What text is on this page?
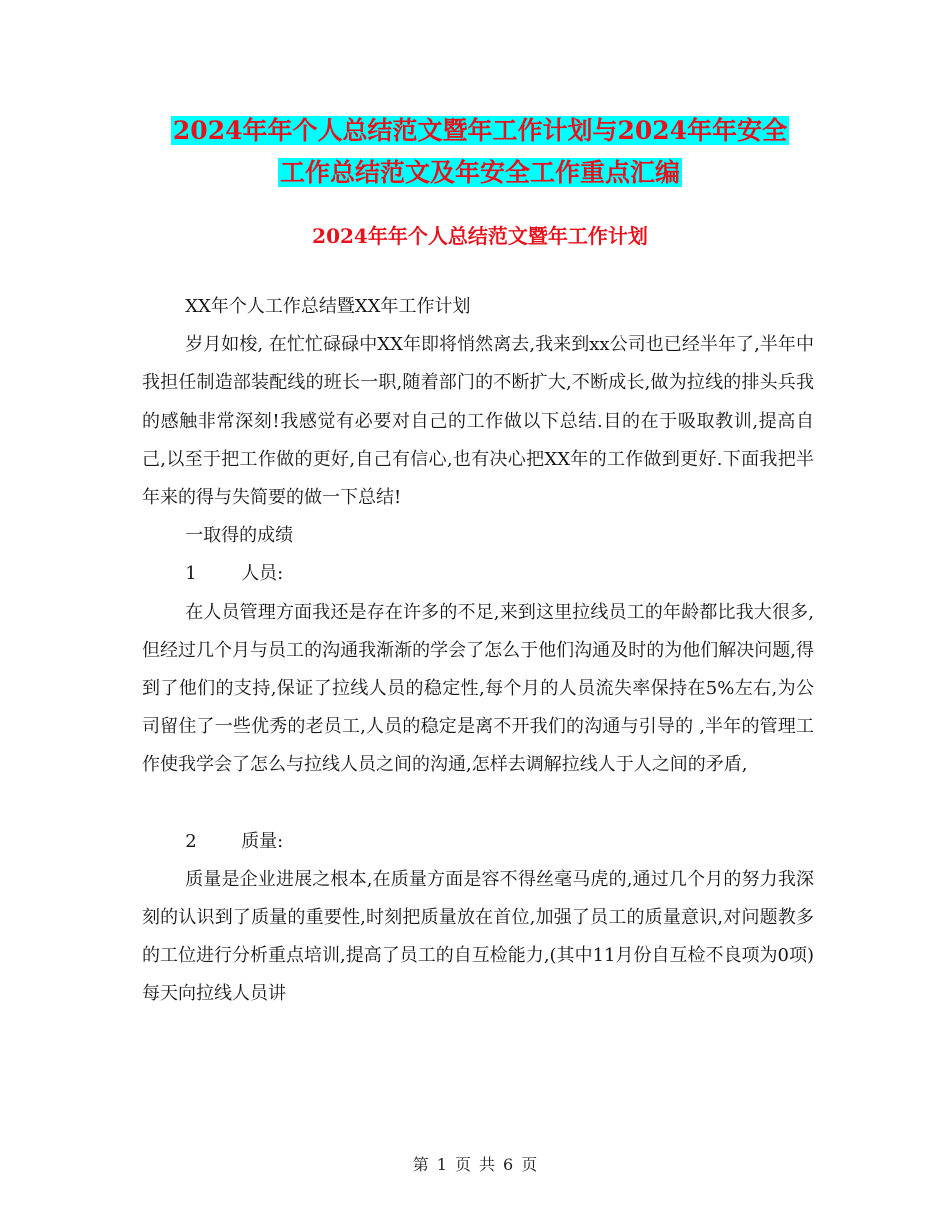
2024年年个人总结范文暨年工作计划与2024年年安全
工作总结范文及年安全工作重点汇编
2024年年个人总结范文暨年工作计划

XX年个人工作总结暨XX年工作计划

岁月如梭, 在忙忙碌碌中XX年即将悄然离去,我来到xx公司也已经半年了,半年中我担任制造部装配线的班长一职,随着部门的不断扩大,不断成长,做为拉线的排头兵我的感触非常深刻!我感觉有必要对自己的工作做以下总结.目的在于吸取教训,提高自己,以至于把工作做的更好,自己有信心,也有决心把XX年的工作做到更好.下面我把半年来的得与失简要的做一下总结!

一取得的成绩

1 人员:

在人员管理方面我还是存在许多的不足,来到这里拉线员工的年龄都比我大很多,但经过几个月与员工的沟通我渐渐的学会了怎么于他们沟通及时的为他们解决问题,得到了他们的支持,保证了拉线人员的稳定性,每个月的人员流失率保持在5%左右,为公司留住了一些优秀的老员工,人员的稳定是离不开我们的沟通与引导的 ,半年的管理工作使我学会了怎么与拉线人员之间的沟通,怎样去调解拉线人于人之间的矛盾,

2 质量:

质量是企业进展之根本,在质量方面是容不得丝毫马虎的,通过几个月的努力我深刻的认识到了质量的重要性,时刻把质量放在首位,加强了员工的质量意识,对问题教多的工位进行分析重点培训,提高了员工的自互检能力,(其中11月份自互检不良项为0项)每天向拉线人员讲

第 1 页 共 6 页
